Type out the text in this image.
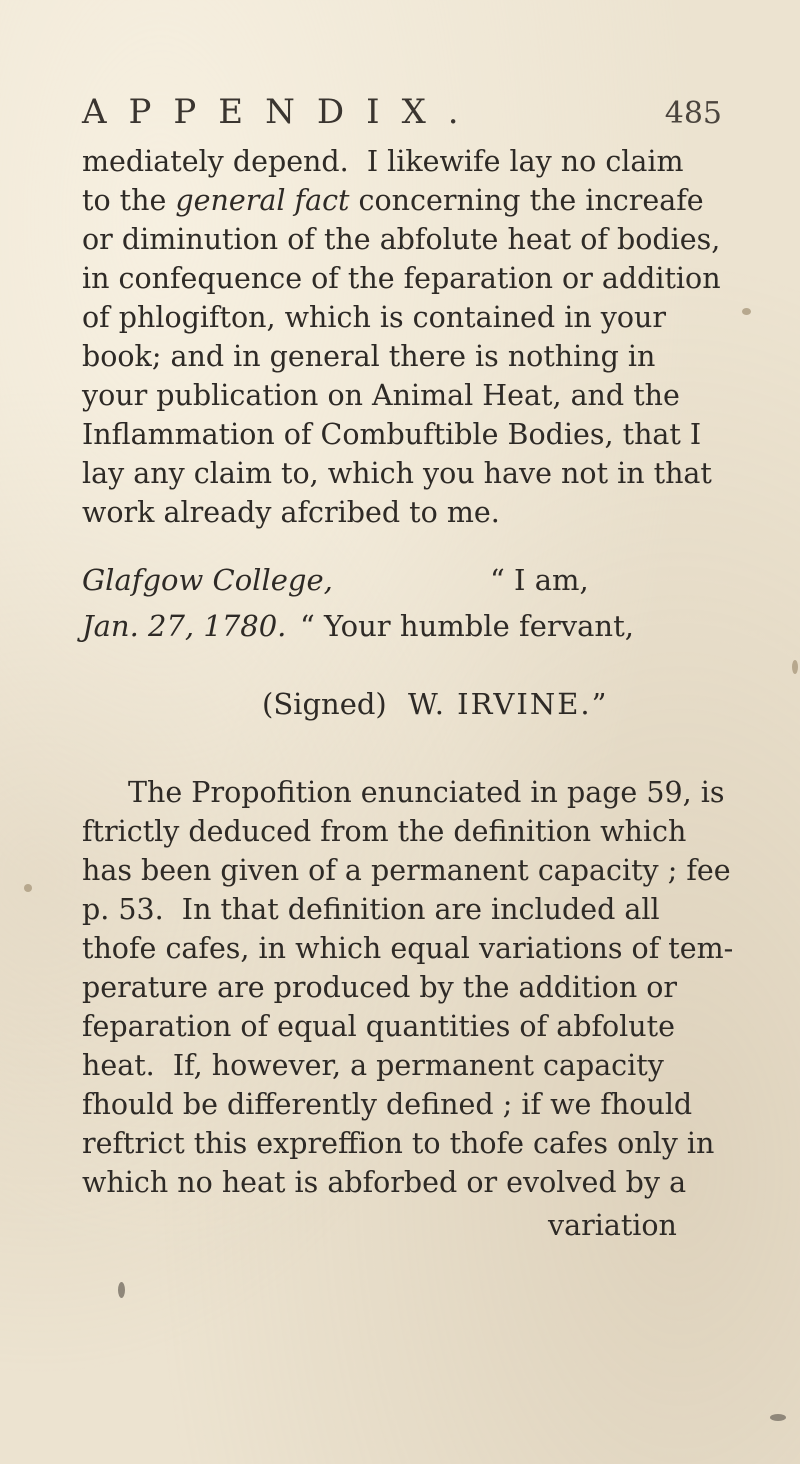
APPENDIX.	485
mediately depend.  I likewife lay no claim
to the general fact concerning the increafe
or diminution of the abfolute heat of bodies,
in confequence of the feparation or addition
of phlogifton, which is contained in your
book; and in general there is nothing in
your publication on Animal Heat, and the
Inflammation of Combuftible Bodies, that I
lay any claim to, which you have not in that
work already afcribed to me.
Glafgow College,	“ I am,
Jan. 27, 1780. “ Your humble fervant,
(Signed) W. IRVINE.”
The Propofition enunciated in page 59, is
ftrictly deduced from the definition which
has been given of a permanent capacity ; fee
p. 53.  In that definition are included all
thofe cafes, in which equal variations of tem-
perature are produced by the addition or
feparation of equal quantities of abfolute
heat.  If, however, a permanent capacity
fhould be differently defined ; if we fhould
reftrict this expreffion to thofe cafes only in
which no heat is abforbed or evolved by a
variation
